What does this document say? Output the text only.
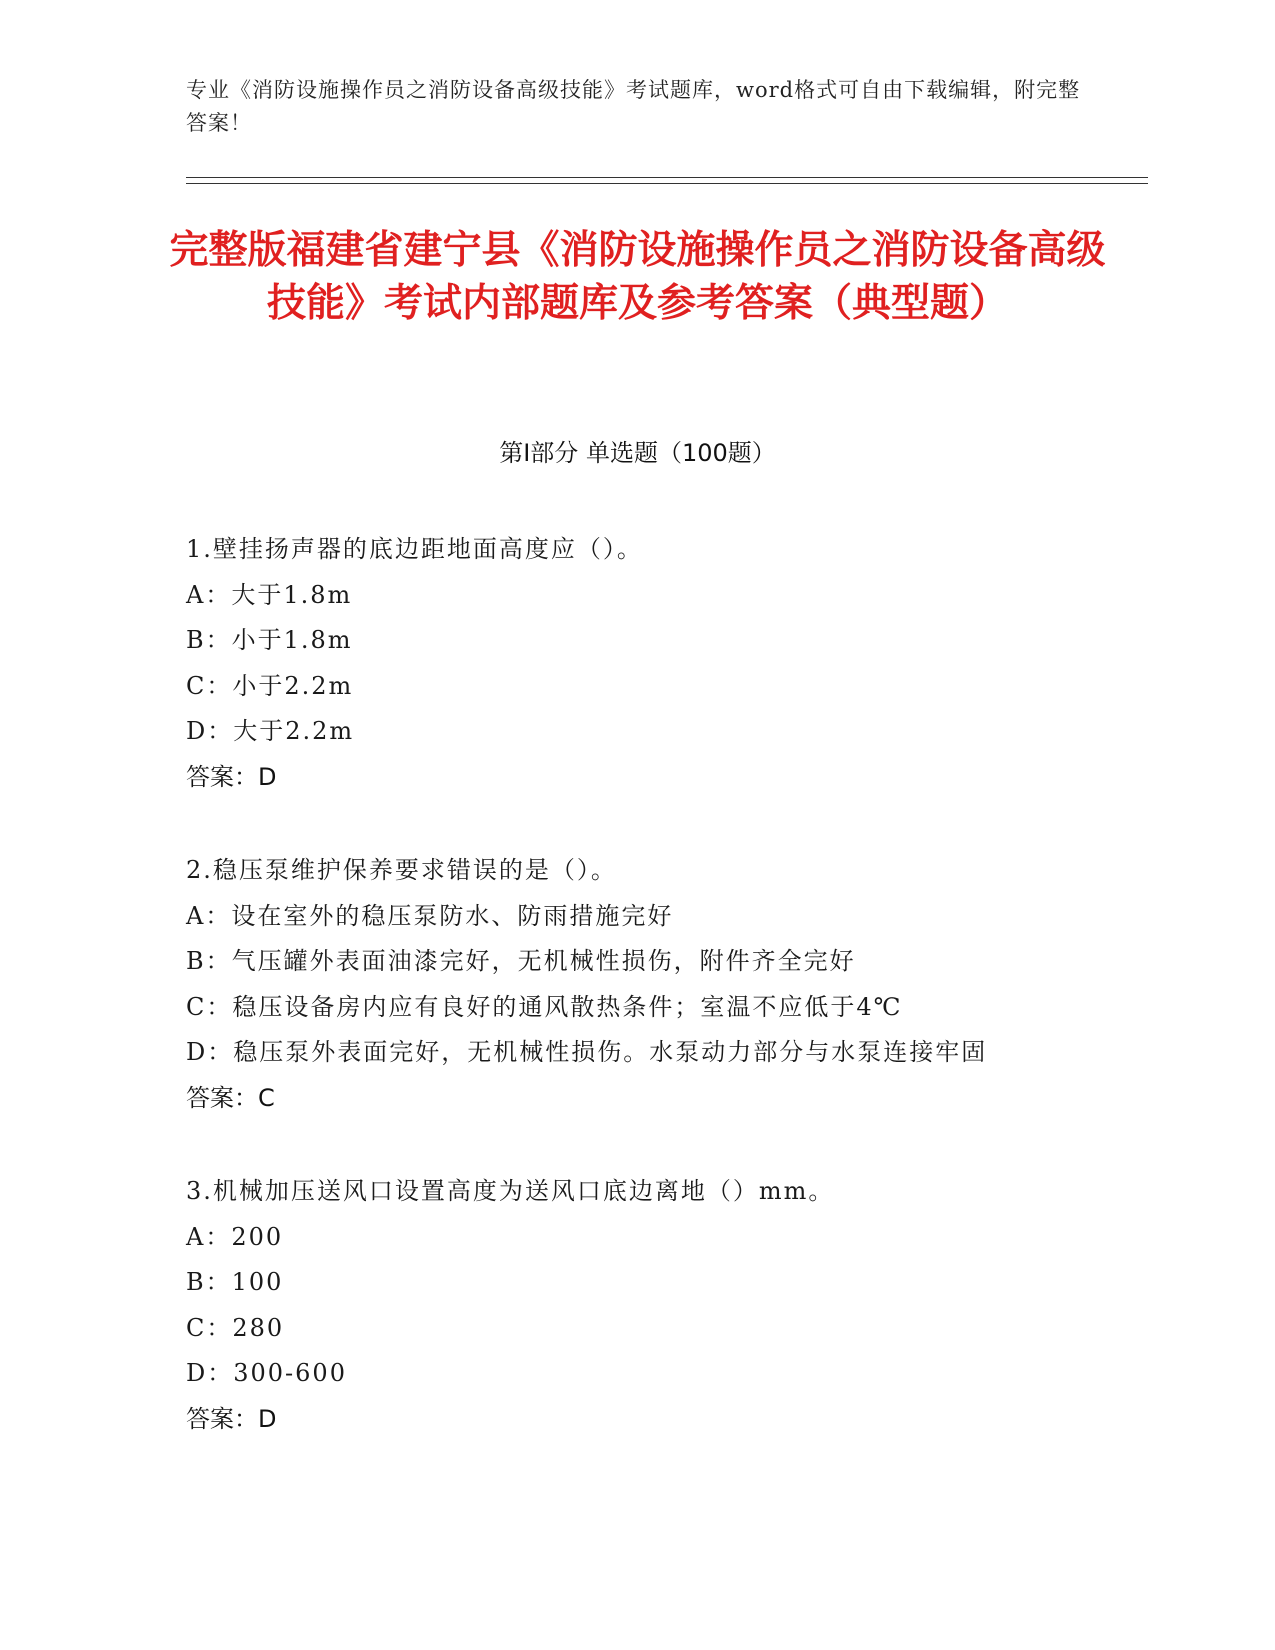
专业《消防设施操作员之消防设备高级技能》考试题库，word格式可自由下载编辑，附完整答案！
完整版福建省建宁县《消防设施操作员之消防设备高级技能》考试内部题库及参考答案（典型题）
第I部分 单选题（100题）
1.壁挂扬声器的底边距地面高度应（）。
A：大于1.8m
B：小于1.8m
C：小于2.2m
D：大于2.2m
答案：D
2.稳压泵维护保养要求错误的是（）。
A：设在室外的稳压泵防水、防雨措施完好
B：气压罐外表面油漆完好，无机械性损伤，附件齐全完好
C：稳压设备房内应有良好的通风散热条件；室温不应低于4℃
D：稳压泵外表面完好，无机械性损伤。水泵动力部分与水泵连接牢固
答案：C
3.机械加压送风口设置高度为送风口底边离地（）mm。
A：200
B：100
C：280
D：300-600
答案：D
